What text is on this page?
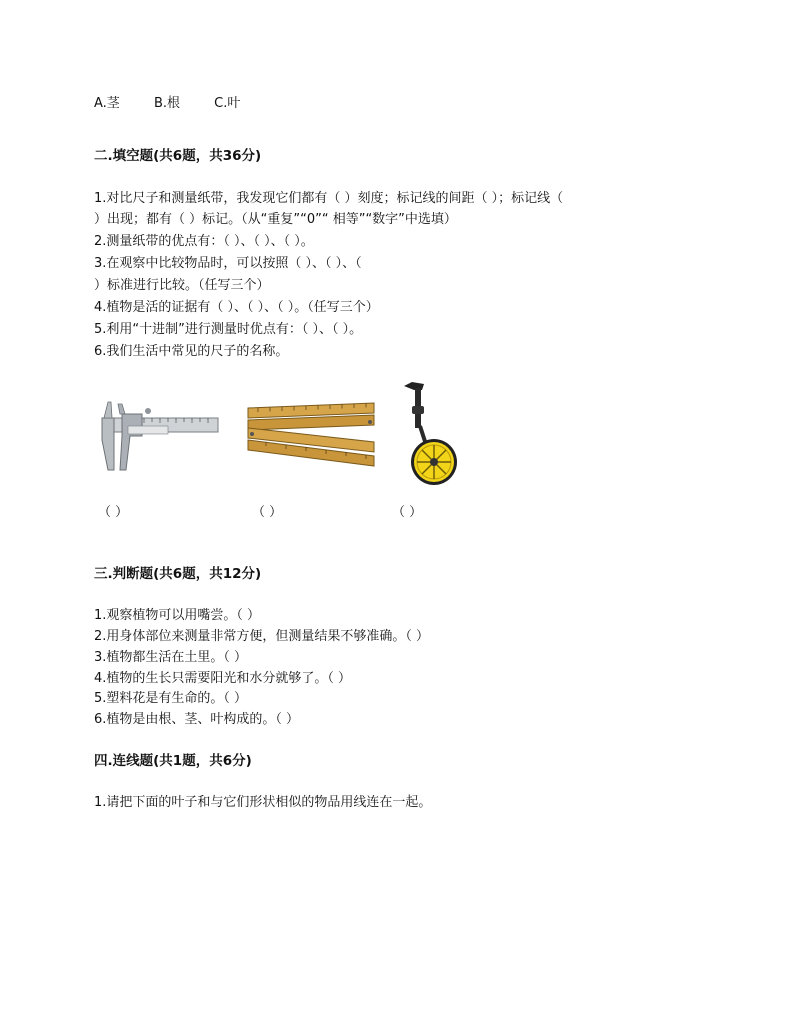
A.茎	B.根	C.叶
二.填空题(共6题，共36分)
1.对比尺子和测量纸带，我发现它们都有（ ）刻度；标记线的间距（ ）；标记线（
）出现；都有（ ）标记。（从“重复”“0”“ 相等”“数字”中选填）
2.测量纸带的优点有：（ ）、（ ）、（ ）。
3.在观察中比较物品时，可以按照（ ）、（ ）、（
）标准进行比较。（任写三个）
4.植物是活的证据有（ ）、（ ）、（ ）。（任写三个）
5.利用“十进制”进行测量时优点有：（ ）、（ ）。
6.我们生活中常见的尺子的名称。
（ ）	（ ）	（ ）
三.判断题(共6题，共12分)
1.观察植物可以用嘴尝。（ ）
2.用身体部位来测量非常方便，但测量结果不够准确。（ ）
3.植物都生活在土里。（ ）
4.植物的生长只需要阳光和水分就够了。（ ）
5.塑料花是有生命的。（ ）
6.植物是由根、茎、叶构成的。（ ）
四.连线题(共1题，共6分)
1.请把下面的叶子和与它们形状相似的物品用线连在一起。
